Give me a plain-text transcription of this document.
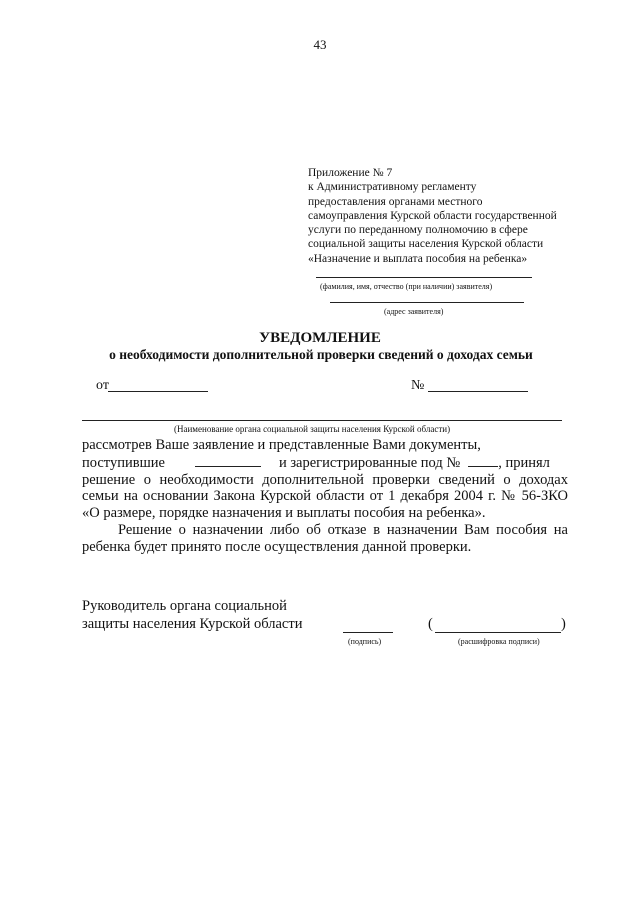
43
Приложение № 7
к Административному регламенту
предоставления органами местного
самоуправления Курской области государственной
услуги по переданному полномочию в сфере
социальной защиты населения Курской области
«Назначение и выплата пособия на ребенка»
(фамилия, имя, отчество (при наличии) заявителя)
(адрес заявителя)
УВЕДОМЛЕНИЕ
о необходимости дополнительной проверки сведений о доходах семьи
от	№
(Наименование органа социальной защиты населения Курской области)

рассмотрев Ваше заявление и представленные Вами документы,

поступившие	и зарегистрированные под №	, принял

решение о необходимости дополнительной проверки сведений о доходах семьи на основании Закона Курской области от 1 декабря 2004 г. № 56-ЗКО «О размере, порядке назначения и выплаты пособия на ребенка».

Решение о назначении либо об отказе в назначении Вам пособия на ребенка будет принято после осуществления данной проверки.

Руководитель органа социальной
защиты населения Курской области
(подпись)
(	)
(расшифровка подписи)
